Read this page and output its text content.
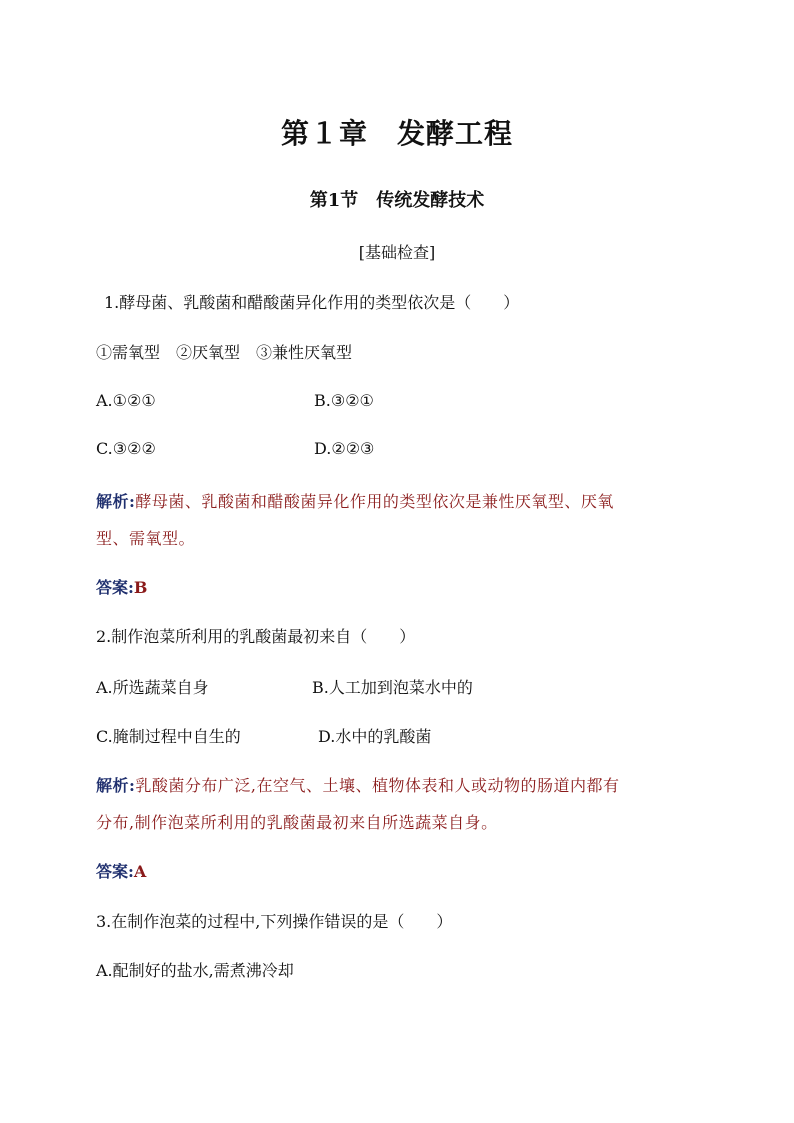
第１章　发酵工程
第1节　传统发酵技术
[基础检查]
1.酵母菌、乳酸菌和醋酸菌异化作用的类型依次是（　　）
①需氧型　②厌氧型　③兼性厌氧型
A.①②①	B.③②①
C.③②②	D.②②③
解析:酵母菌、乳酸菌和醋酸菌异化作用的类型依次是兼性厌氧型、厌氧
型、需氧型。
答案:B
2.制作泡菜所利用的乳酸菌最初来自（　　）
A.所选蔬菜自身	B.人工加到泡菜水中的
C.腌制过程中自生的	D.水中的乳酸菌
解析:乳酸菌分布广泛,在空气、土壤、植物体表和人或动物的肠道内都有
分布,制作泡菜所利用的乳酸菌最初来自所选蔬菜自身。
答案:A
3.在制作泡菜的过程中,下列操作错误的是（　　）
A.配制好的盐水,需煮沸冷却
